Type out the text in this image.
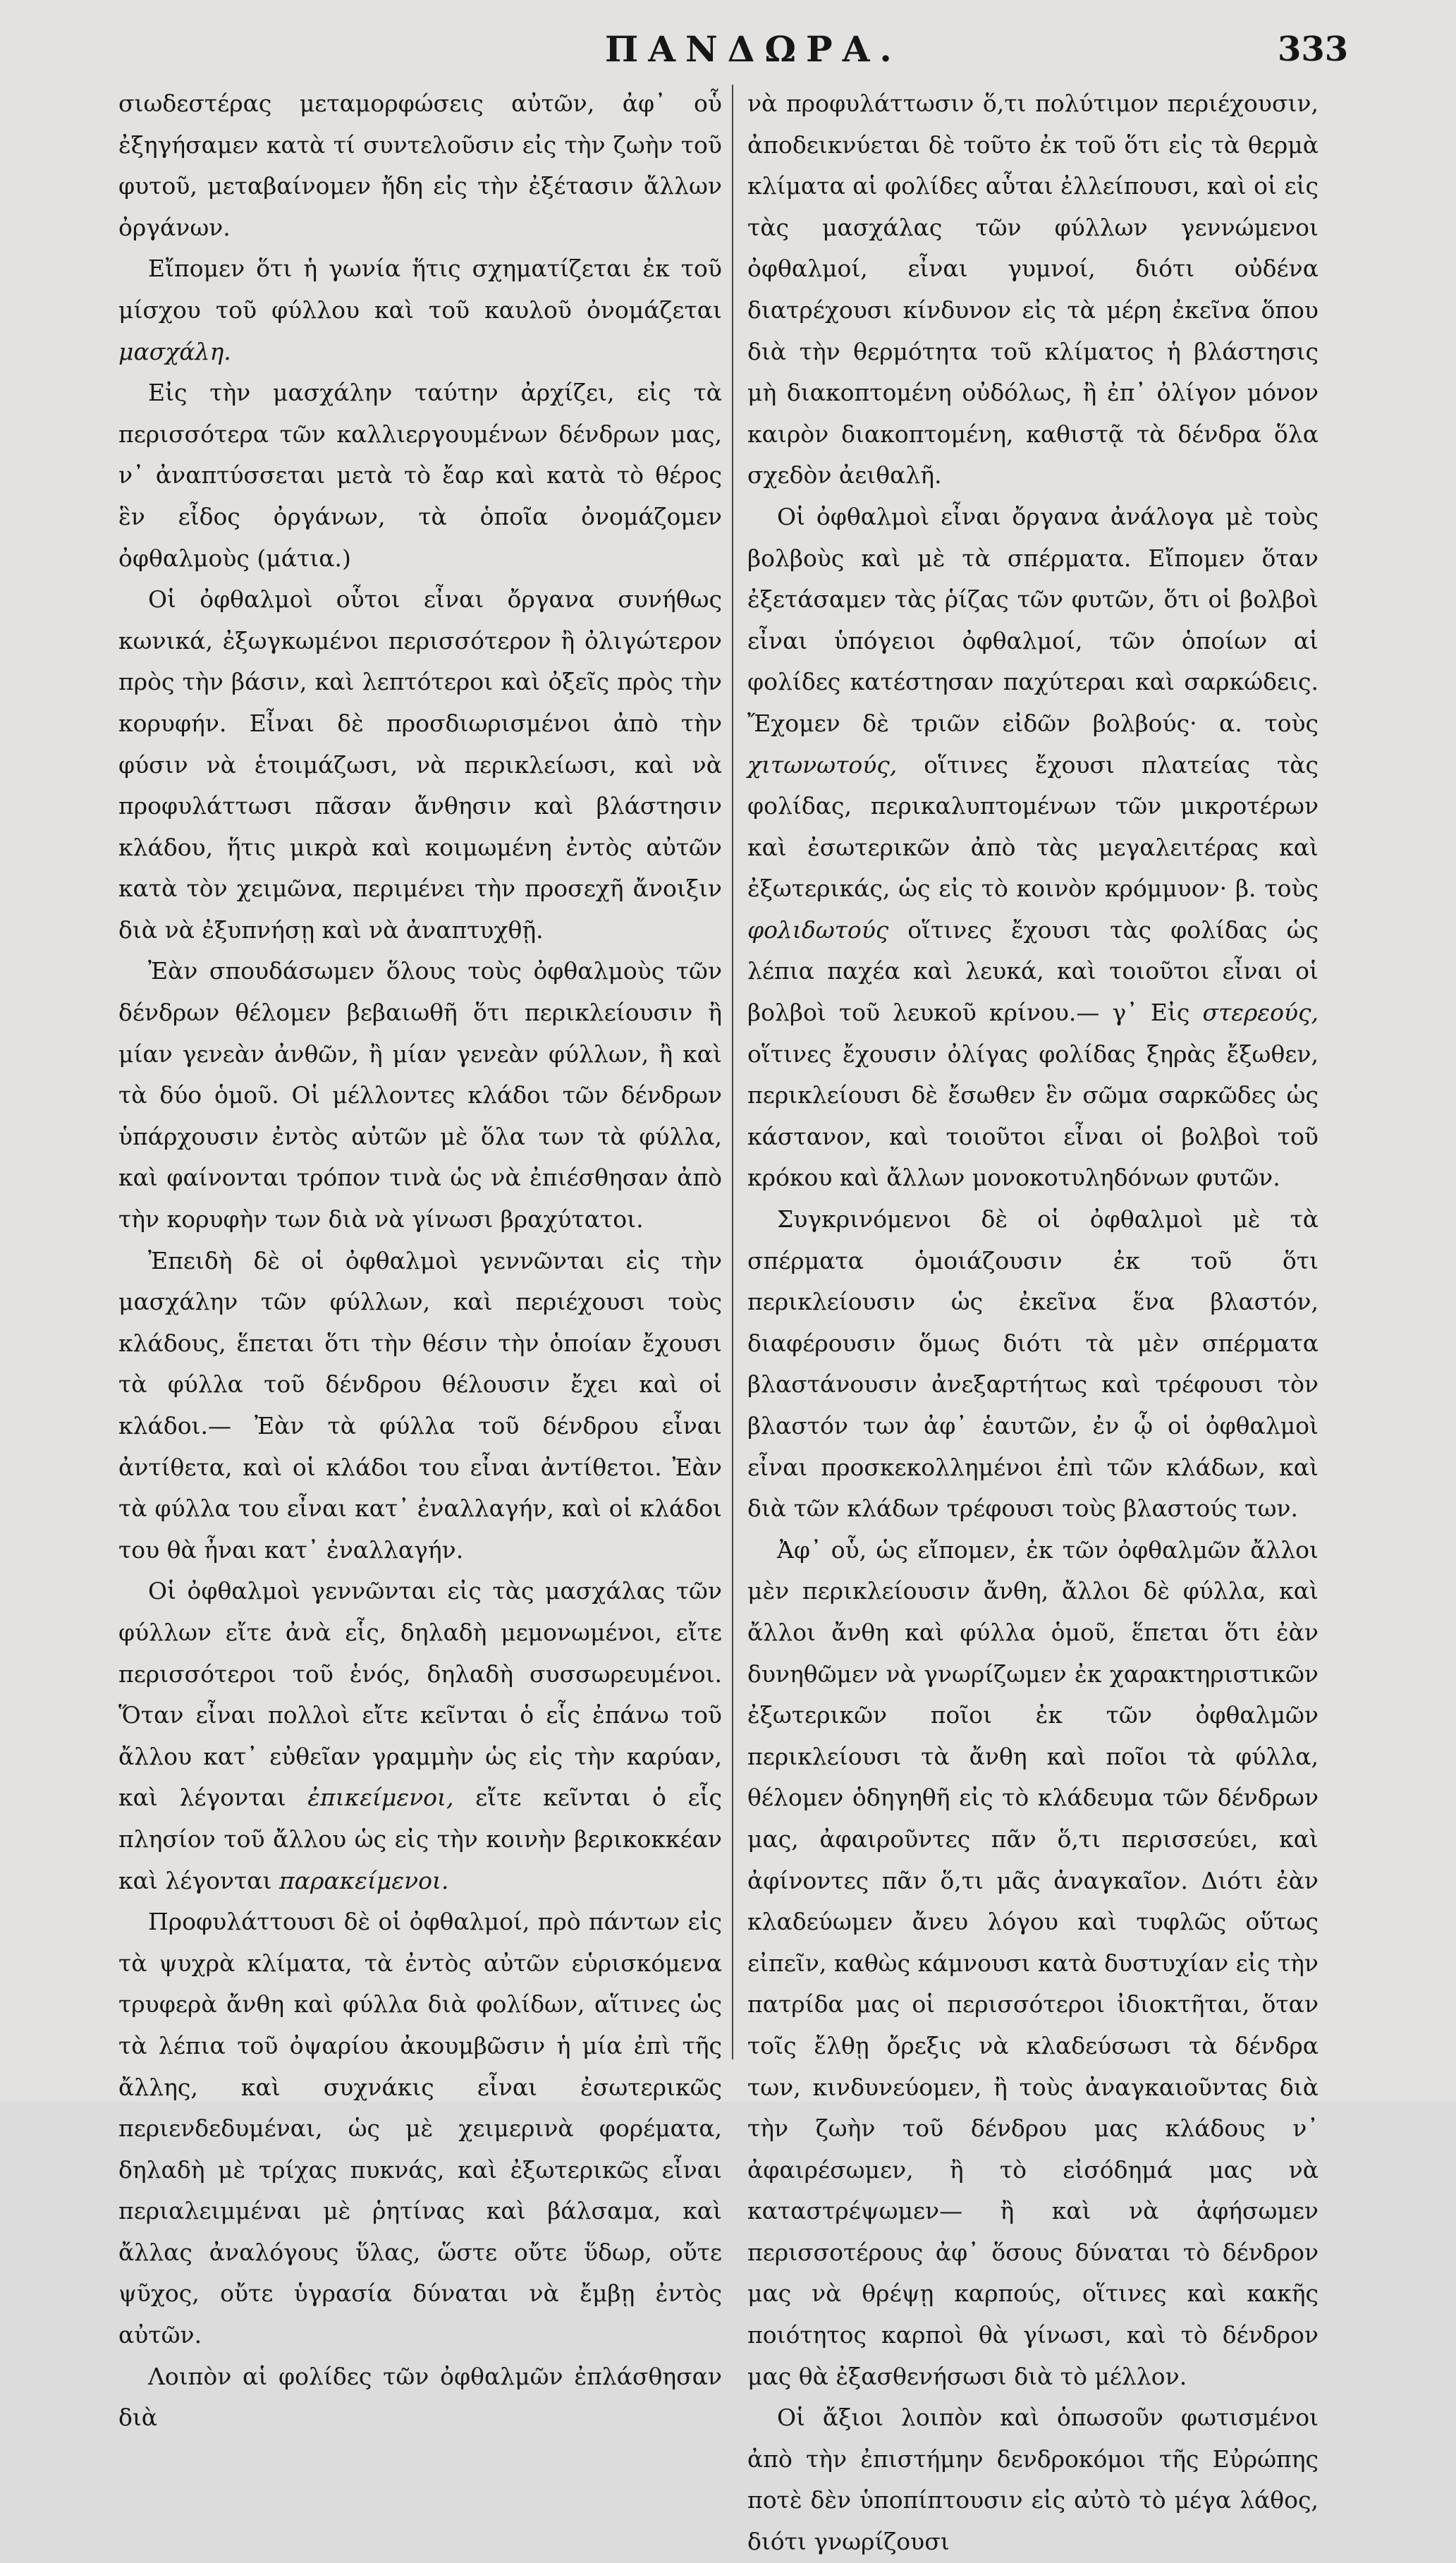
ΠΑΝΔΩΡΑ.	333

σιωδεστέρας μεταμορφώσεις αὐτῶν, ἀφ᾽ οὗ ἐξηγήσαμεν κατὰ τί συντελοῦσιν εἰς τὴν ζωὴν τοῦ φυτοῦ, μεταβαίνομεν ἤδη εἰς τὴν ἐξέτασιν ἄλλων ὀργάνων.

Εἴπομεν ὅτι ἡ γωνία ἥτις σχηματίζεται ἐκ τοῦ μίσχου τοῦ φύλλου καὶ τοῦ καυλοῦ ὀνομάζεται μασχάλη.

Εἰς τὴν μασχάλην ταύτην ἀρχίζει, εἰς τὰ περισσότερα τῶν καλλιεργουμένων δένδρων μας, ν᾽ ἀναπτύσσεται μετὰ τὸ ἔαρ καὶ κατὰ τὸ θέρος ἓν εἶδος ὀργάνων, τὰ ὁποῖα ὀνομάζομεν ὀφθαλμοὺς (μάτια.)

Οἱ ὀφθαλμοὶ οὗτοι εἶναι ὄργανα συνήθως κωνικά, ἐξωγκωμένοι περισσότερον ἢ ὀλιγώτερον πρὸς τὴν βάσιν, καὶ λεπτότεροι καὶ ὀξεῖς πρὸς τὴν κορυφήν. Εἶναι δὲ προσδιωρισμένοι ἀπὸ τὴν φύσιν νὰ ἑτοιμάζωσι, νὰ περικλείωσι, καὶ νὰ προφυλάττωσι πᾶσαν ἄνθησιν καὶ βλάστησιν κλάδου, ἥτις μικρὰ καὶ κοιμωμένη ἐντὸς αὐτῶν κατὰ τὸν χειμῶνα, περιμένει τὴν προσεχῆ ἄνοιξιν διὰ νὰ ἐξυπνήσῃ καὶ νὰ ἀναπτυχθῇ.

Ἐὰν σπουδάσωμεν ὅλους τοὺς ὀφθαλμοὺς τῶν δένδρων θέλομεν βεβαιωθῆ ὅτι περικλείουσιν ἢ μίαν γενεὰν ἀνθῶν, ἢ μίαν γενεὰν φύλλων, ἢ καὶ τὰ δύο ὁμοῦ. Οἱ μέλλοντες κλάδοι τῶν δένδρων ὑπάρχουσιν ἐντὸς αὐτῶν μὲ ὅλα των τὰ φύλλα, καὶ φαίνονται τρόπον τινὰ ὡς νὰ ἐπιέσθησαν ἀπὸ τὴν κορυφὴν των διὰ νὰ γίνωσι βραχύτατοι.

Ἐπειδὴ δὲ οἱ ὀφθαλμοὶ γεννῶνται εἰς τὴν μασχάλην τῶν φύλλων, καὶ περιέχουσι τοὺς κλάδους, ἕπεται ὅτι τὴν θέσιν τὴν ὁποίαν ἔχουσι τὰ φύλλα τοῦ δένδρου θέλουσιν ἔχει καὶ οἱ κλάδοι.— Ἐὰν τὰ φύλλα τοῦ δένδρου εἶναι ἀντίθετα, καὶ οἱ κλάδοι του εἶναι ἀντίθετοι. Ἐὰν τὰ φύλλα του εἶναι κατ᾽ ἐναλλαγήν, καὶ οἱ κλάδοι του θὰ ἦναι κατ᾽ ἐναλλαγήν.

Οἱ ὀφθαλμοὶ γεννῶνται εἰς τὰς μασχάλας τῶν φύλλων εἴτε ἀνὰ εἷς, δηλαδὴ μεμονωμένοι, εἴτε περισσότεροι τοῦ ἑνός, δηλαδὴ συσσωρευμένοι. Ὅταν εἶναι πολλοὶ εἴτε κεῖνται ὁ εἷς ἐπάνω τοῦ ἄλλου κατ᾽ εὐθεῖαν γραμμὴν ὡς εἰς τὴν καρύαν, καὶ λέγονται ἐπικείμενοι, εἴτε κεῖνται ὁ εἷς πλησίον τοῦ ἄλλου ὡς εἰς τὴν κοινὴν βερικοκκέαν καὶ λέγονται παρακείμενοι.

Προφυλάττουσι δὲ οἱ ὀφθαλμοί, πρὸ πάντων εἰς τὰ ψυχρὰ κλίματα, τὰ ἐντὸς αὐτῶν εὑρισκόμενα τρυφερὰ ἄνθη καὶ φύλλα διὰ φολίδων, αἵτινες ὡς τὰ λέπια τοῦ ὀψαρίου ἀκουμβῶσιν ἡ μία ἐπὶ τῆς ἄλλης, καὶ συχνάκις εἶναι ἐσωτερικῶς περιενδεδυμέναι, ὡς μὲ χειμερινὰ φορέματα, δηλαδὴ μὲ τρίχας πυκνάς, καὶ ἐξωτερικῶς εἶναι περιαλειμμέναι μὲ ῥητίνας καὶ βάλσαμα, καὶ ἄλλας ἀναλόγους ὕλας, ὥστε οὔτε ὕδωρ, οὔτε ψῦχος, οὔτε ὑγρασία δύναται νὰ ἔμβῃ ἐντὸς αὐτῶν.

Λοιπὸν αἱ φολίδες τῶν ὀφθαλμῶν ἐπλάσθησαν διὰ

νὰ προφυλάττωσιν ὅ,τι πολύτιμον περιέχουσιν, ἀποδεικνύεται δὲ τοῦτο ἐκ τοῦ ὅτι εἰς τὰ θερμὰ κλίματα αἱ φολίδες αὗται ἐλλείπουσι, καὶ οἱ εἰς τὰς μασχάλας τῶν φύλλων γεννώμενοι ὀφθαλμοί, εἶναι γυμνοί, διότι οὐδένα διατρέχουσι κίνδυνον εἰς τὰ μέρη ἐκεῖνα ὅπου διὰ τὴν θερμότητα τοῦ κλίματος ἡ βλάστησις μὴ διακοπτομένη οὐδόλως, ἢ ἐπ᾽ ὀλίγον μόνον καιρὸν διακοπτομένη, καθιστᾷ τὰ δένδρα ὅλα σχεδὸν ἀειθαλῆ.

Οἱ ὀφθαλμοὶ εἶναι ὄργανα ἀνάλογα μὲ τοὺς βολβοὺς καὶ μὲ τὰ σπέρματα. Εἴπομεν ὅταν ἐξετάσαμεν τὰς ῥίζας τῶν φυτῶν, ὅτι οἱ βολβοὶ εἶναι ὑπόγειοι ὀφθαλμοί, τῶν ὁποίων αἱ φολίδες κατέστησαν παχύτεραι καὶ σαρκώδεις. Ἔχομεν δὲ τριῶν εἰδῶν βολβούς· α. τοὺς χιτωνωτούς, οἵτινες ἔχουσι πλατείας τὰς φολίδας, περικαλυπτομένων τῶν μικροτέρων καὶ ἐσωτερικῶν ἀπὸ τὰς μεγαλειτέρας καὶ ἐξωτερικάς, ὡς εἰς τὸ κοινὸν κρόμμυον· β. τοὺς φολιδωτούς οἵτινες ἔχουσι τὰς φολίδας ὡς λέπια παχέα καὶ λευκά, καὶ τοιοῦτοι εἶναι οἱ βολβοὶ τοῦ λευκοῦ κρίνου.— γ᾽ Εἰς στερεούς, οἵτινες ἔχουσιν ὀλίγας φολίδας ξηρὰς ἔξωθεν, περικλείουσι δὲ ἔσωθεν ἓν σῶμα σαρκῶδες ὡς κάστανον, καὶ τοιοῦτοι εἶναι οἱ βολβοὶ τοῦ κρόκου καὶ ἄλλων μονοκοτυληδόνων φυτῶν.

Συγκρινόμενοι δὲ οἱ ὀφθαλμοὶ μὲ τὰ σπέρματα ὁμοιάζουσιν ἐκ τοῦ ὅτι περικλείουσιν ὡς ἐκεῖνα ἕνα βλαστόν, διαφέρουσιν ὅμως διότι τὰ μὲν σπέρματα βλαστάνουσιν ἀνεξαρτήτως καὶ τρέφουσι τὸν βλαστόν των ἀφ᾽ ἑαυτῶν, ἐν ᾧ οἱ ὀφθαλμοὶ εἶναι προσκεκολλημένοι ἐπὶ τῶν κλάδων, καὶ διὰ τῶν κλάδων τρέφουσι τοὺς βλαστούς των.

Ἀφ᾽ οὗ, ὡς εἴπομεν, ἐκ τῶν ὀφθαλμῶν ἄλλοι μὲν περικλείουσιν ἄνθη, ἄλλοι δὲ φύλλα, καὶ ἄλλοι ἄνθη καὶ φύλλα ὁμοῦ, ἕπεται ὅτι ἐὰν δυνηθῶμεν νὰ γνωρίζωμεν ἐκ χαρακτηριστικῶν ἐξωτερικῶν ποῖοι ἐκ τῶν ὀφθαλμῶν περικλείουσι τὰ ἄνθη καὶ ποῖοι τὰ φύλλα, θέλομεν ὁδηγηθῆ εἰς τὸ κλάδευμα τῶν δένδρων μας, ἀφαιροῦντες πᾶν ὅ,τι περισσεύει, καὶ ἀφίνοντες πᾶν ὅ,τι μᾶς ἀναγκαῖον. Διότι ἐὰν κλαδεύωμεν ἄνευ λόγου καὶ τυφλῶς οὕτως εἰπεῖν, καθὼς κάμνουσι κατὰ δυστυχίαν εἰς τὴν πατρίδα μας οἱ περισσότεροι ἰδιοκτῆται, ὅταν τοῖς ἔλθῃ ὄρεξις νὰ κλαδεύσωσι τὰ δένδρα των, κινδυνεύομεν, ἢ τοὺς ἀναγκαιοῦντας διὰ τὴν ζωὴν τοῦ δένδρου μας κλάδους ν᾽ ἀφαιρέσωμεν, ἢ τὸ εἰσόδημά μας νὰ καταστρέψωμεν— ἢ καὶ νὰ ἀφήσωμεν περισσοτέρους ἀφ᾽ ὅσους δύναται τὸ δένδρον μας νὰ θρέψῃ καρπούς, οἵτινες καὶ κακῆς ποιότητος καρποὶ θὰ γίνωσι, καὶ τὸ δένδρον μας θὰ ἐξασθενήσωσι διὰ τὸ μέλλον.

Οἱ ἄξιοι λοιπὸν καὶ ὁπωσοῦν φωτισμένοι ἀπὸ τὴν ἐπιστήμην δενδροκόμοι τῆς Εὐρώπης ποτὲ δὲν ὑποπίπτουσιν εἰς αὐτὸ τὸ μέγα λάθος, διότι γνωρίζουσι
